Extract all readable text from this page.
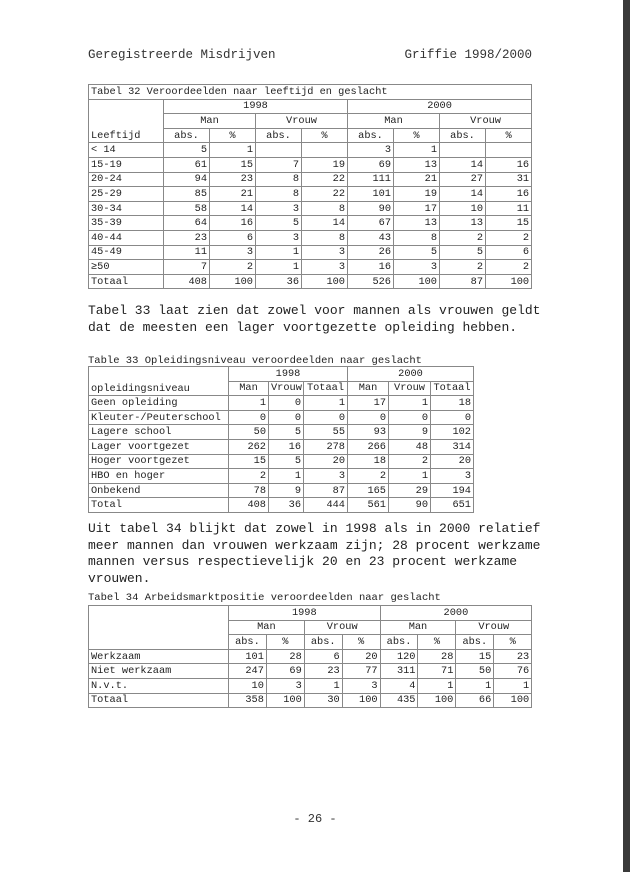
Geregistreerde Misdrijven	Griffie 1998/2000
Tabel 32 Veroordeelden naar leeftijd en geslacht								
Leeftijd	1998				2000			
	Man		Vrouw		Man		Vrouw	
	abs.	%	abs.	%	abs.	%	abs.	%
< 14	5	1			3	1		
15-19	61	15	7	19	69	13	14	16
20-24	94	23	8	22	111	21	27	31
25-29	85	21	8	22	101	19	14	16
30-34	58	14	3	8	90	17	10	11
35-39	64	16	5	14	67	13	13	15
40-44	23	6	3	8	43	8	2	2
45-49	11	3	1	3	26	5	5	6
≥50	7	2	1	3	16	3	2	2
Totaal	408	100	36	100	526	100	87	100
Tabel 33 laat zien dat zowel voor mannen als vrouwen geldt
dat de meesten een lager voortgezette opleiding hebben.
Table 33 Opleidingsniveau veroordeelden naar geslacht
opleidingsniveau	1998			2000		
	Man	Vrouw	Totaal	Man	Vrouw	Totaal
Geen opleiding	1	0	1	17	1	18
Kleuter-/Peuterschool	0	0	0	0	0	0
Lagere school	50	5	55	93	9	102
Lager voortgezet	262	16	278	266	48	314
Hoger voortgezet	15	5	20	18	2	20
HBO en hoger	2	1	3	2	1	3
Onbekend	78	9	87	165	29	194
Total	408	36	444	561	90	651
Uit tabel 34 blijkt dat zowel in 1998 als in 2000 relatief
meer mannen dan vrouwen werkzaam zijn; 28 procent werkzame
mannen versus respectievelijk 20 en 23 procent werkzame
vrouwen.
Tabel 34 Arbeidsmarktpositie veroordeelden naar geslacht
	1998				2000			
	Man		Vrouw		Man		Vrouw	
	abs.	%	abs.	%	abs.	%	abs.	%
Werkzaam	101	28	6	20	120	28	15	23
Niet werkzaam	247	69	23	77	311	71	50	76
N.v.t.	10	3	1	3	4	1	1	1
Totaal	358	100	30	100	435	100	66	100
- 26 -
